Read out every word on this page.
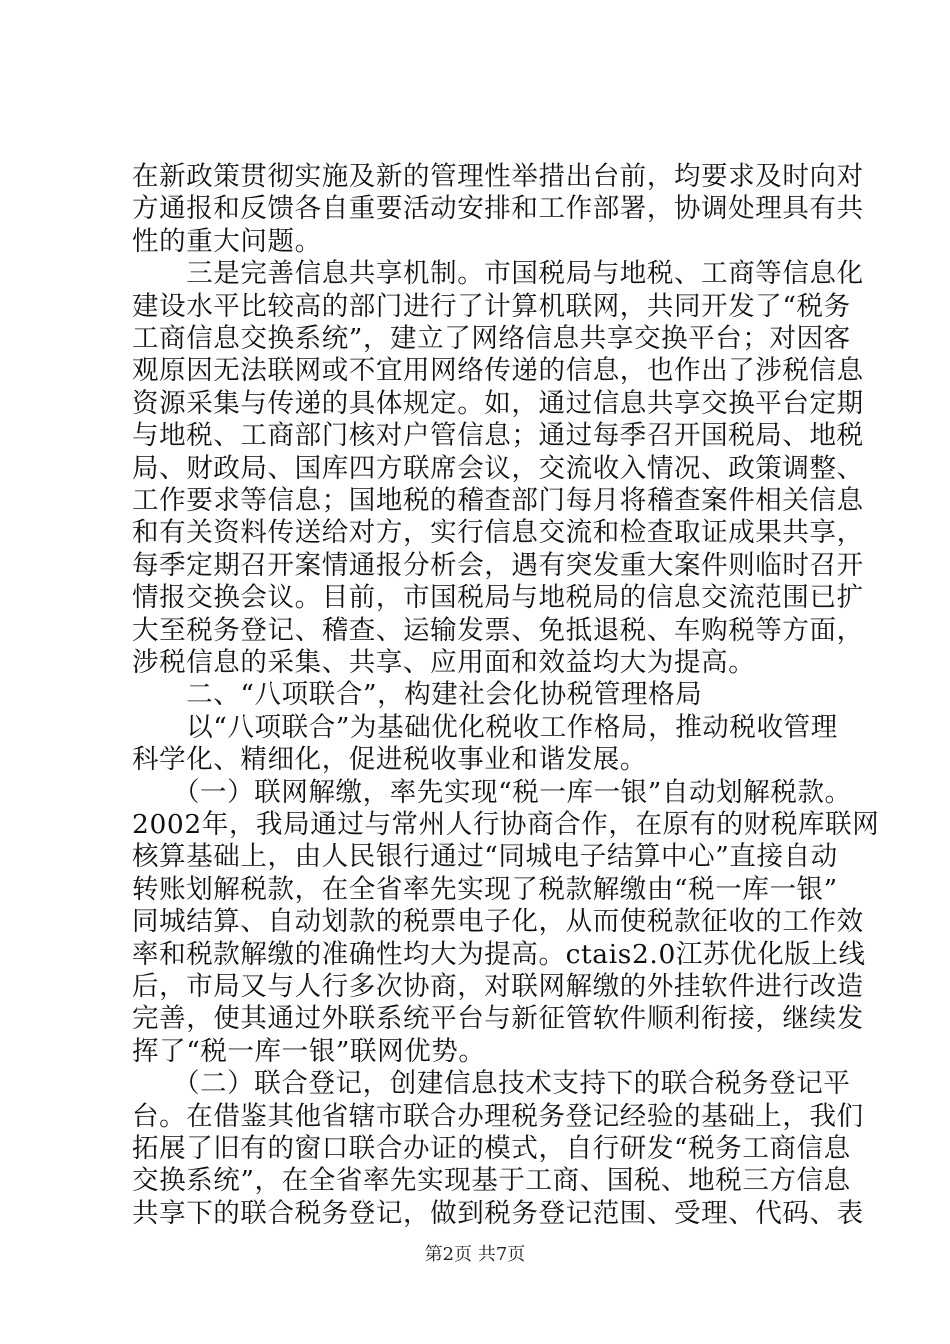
在新政策贯彻实施及新的管理性举措出台前，均要求及时向对
方通报和反馈各自重要活动安排和工作部署，协调处理具有共
性的重大问题。
　　三是完善信息共享机制。市国税局与地税、工商等信息化
建设水平比较高的部门进行了计算机联网，共同开发了“税务
工商信息交换系统”，建立了网络信息共享交换平台；对因客
观原因无法联网或不宜用网络传递的信息，也作出了涉税信息
资源采集与传递的具体规定。如，通过信息共享交换平台定期
与地税、工商部门核对户管信息；通过每季召开国税局、地税
局、财政局、国库四方联席会议，交流收入情况、政策调整、
工作要求等信息；国地税的稽查部门每月将稽查案件相关信息
和有关资料传送给对方，实行信息交流和检查取证成果共享，
每季定期召开案情通报分析会，遇有突发重大案件则临时召开
情报交换会议。目前，市国税局与地税局的信息交流范围已扩
大至税务登记、稽查、运输发票、免抵退税、车购税等方面，
涉税信息的采集、共享、应用面和效益均大为提高。
　　二、“八项联合”，构建社会化协税管理格局
　　以“八项联合”为基础优化税收工作格局，推动税收管理
科学化、精细化，促进税收事业和谐发展。
　　（一）联网解缴，率先实现“税一库一银”自动划解税款。
2002年，我局通过与常州人行协商合作，在原有的财税库联网
核算基础上，由人民银行通过“同城电子结算中心”直接自动
转账划解税款，在全省率先实现了税款解缴由“税一库一银”
同城结算、自动划款的税票电子化，从而使税款征收的工作效
率和税款解缴的准确性均大为提高。ctais2.0江苏优化版上线
后，市局又与人行多次协商，对联网解缴的外挂软件进行改造
完善，使其通过外联系统平台与新征管软件顺利衔接，继续发
挥了“税一库一银”联网优势。
　　（二）联合登记，创建信息技术支持下的联合税务登记平
台。在借鉴其他省辖市联合办理税务登记经验的基础上，我们
拓展了旧有的窗口联合办证的模式，自行研发“税务工商信息
交换系统”，在全省率先实现基于工商、国税、地税三方信息
共享下的联合税务登记，做到税务登记范围、受理、代码、表
第2页 共7页
